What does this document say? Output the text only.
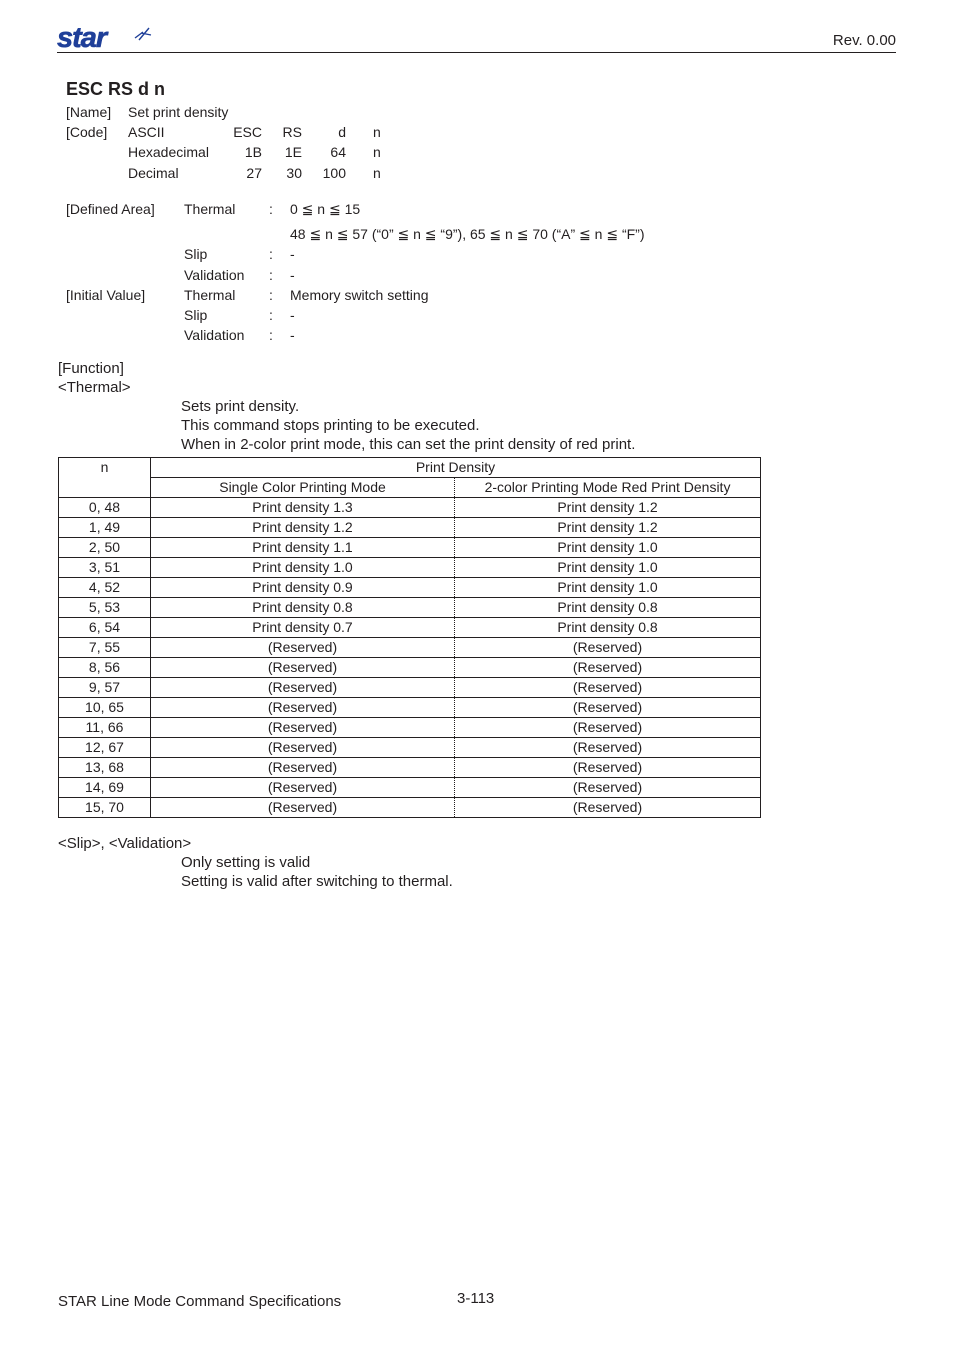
star	Rev. 0.00
ESC RS d n
[Name] Set print density
[Code] ASCII	ESC	RS	d n
Hexadecimal	1B	1E	64 n
Decimal	27	30	100 n
[Defined Area] Thermal : 0 ≦ n ≦ 15
48 ≦ n ≦ 57 (“0” ≦ n ≦ “9”), 65 ≦ n ≦ 70 (“A” ≦ n ≦ “F”)
Slip	: -
Validation : -
[Initial Value]	Thermal : Memory switch setting
Slip	: -
Validation : -
[Function]
<Thermal>
Sets print density.
This command stops printing to be executed.
When in 2-color print mode, this can set the print density of red print.
n	Print Density	
	Single Color Printing Mode	2-color Printing Mode Red Print Density
0, 48	Print density 1.3	Print density 1.2
1, 49	Print density 1.2	Print density 1.2
2, 50	Print density 1.1	Print density 1.0
3, 51	Print density 1.0	Print density 1.0
4, 52	Print density 0.9	Print density 1.0
5, 53	Print density 0.8	Print density 0.8
6, 54	Print density 0.7	Print density 0.8
7, 55	(Reserved)	(Reserved)
8, 56	(Reserved)	(Reserved)
9, 57	(Reserved)	(Reserved)
10, 65	(Reserved)	(Reserved)
11, 66	(Reserved)	(Reserved)
12, 67	(Reserved)	(Reserved)
13, 68	(Reserved)	(Reserved)
14, 69	(Reserved)	(Reserved)
15, 70	(Reserved)	(Reserved)
<Slip>, <Validation>
Only setting is valid
Setting is valid after switching to thermal.
STAR Line Mode Command Specifications	3-113
